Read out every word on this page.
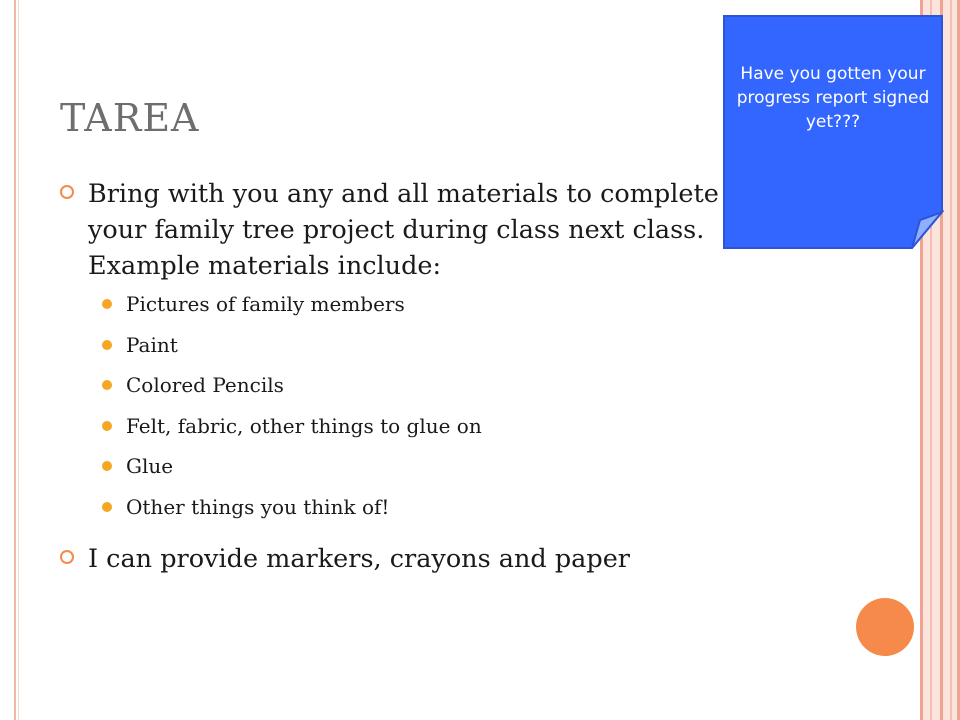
TAREA
Bring with you any and all materials to complete your family tree project during class next class. Example materials include:
Pictures of family members
Paint
Colored Pencils
Felt, fabric, other things to glue on
Glue
Other things you think of!
I can provide markers, crayons and paper
Have you gotten your progress report signed yet???
